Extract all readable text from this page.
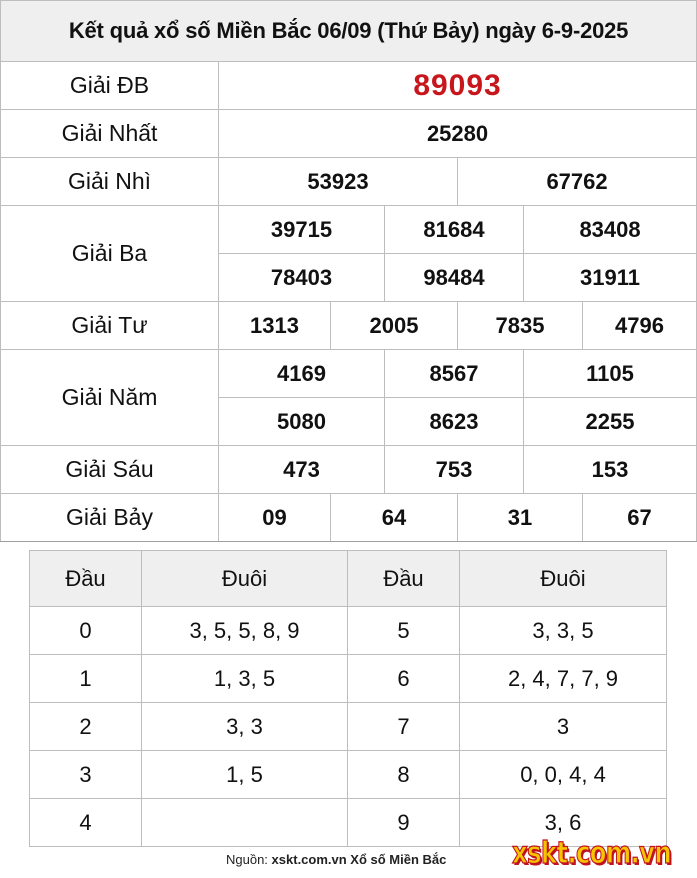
Kết quả xổ số Miền Bắc 06/09 (Thứ Bảy) ngày 6-9-2025						
Giải ĐB	89093					
Giải Nhất	25280					
Giải Nhì	53923			67762		
Giải Ba	39715		81684		83408	
	78403		98484		31911	
Giải Tư	1313	2005		7835		4796
Giải Năm	4169		8567		1105	
	5080		8623		2255	
Giải Sáu	473		753		153	
Giải Bảy	09	64		31		67
Đầu	Đuôi	Đầu	Đuôi
0	3, 5, 5, 8, 9	5	3, 3, 5
1	1, 3, 5	6	2, 4, 7, 7, 9
2	3, 3	7	3
3	1, 5	8	0, 0, 4, 4
4		9	3, 6
Nguồn: xskt.com.vn Xổ số Miền Bắc xskt.com.vn
